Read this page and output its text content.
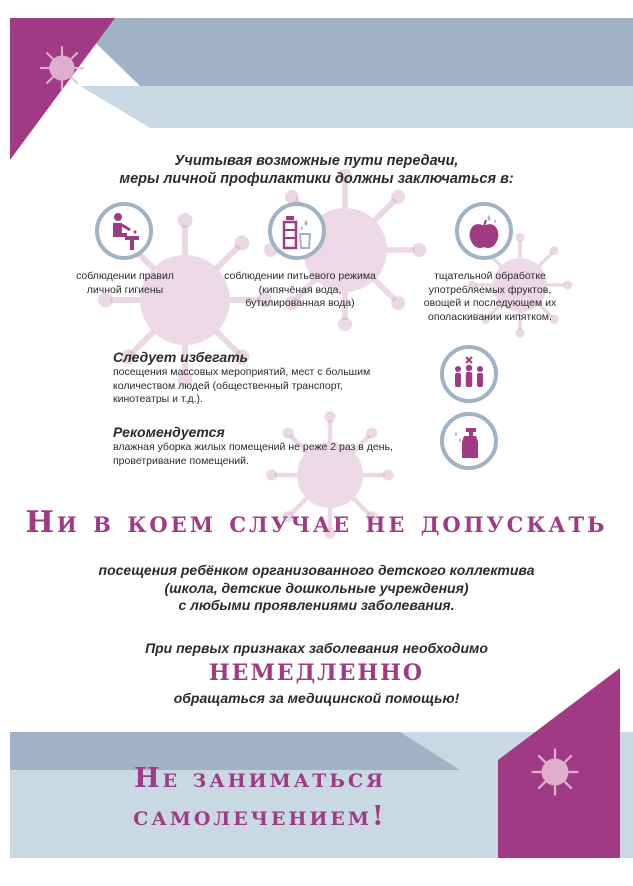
Учитывая возможные пути передачи,
меры личной профилактики должны заключаться в:
соблюдении правил
личной гигиены
соблюдении питьевого режима
(кипячёная вода,
бутилированная вода)
тщательной обработке
употребляемых фруктов,
овощей и последующем их
ополаскивании кипятком.
Следует избегать
посещения массовых мероприятий, мест с большим
количеством людей (общественный транспорт,
кинотеатры и т.д.).
Рекомендуется
влажная уборка жилых помещений не реже 2 раз в день,
проветривание помещений.
Ни в коем случае не допускать
посещения ребёнком организованного детского коллектива
(школа, детские дошкольные учреждения)
с любыми проявлениями заболевания.
При первых признаках заболевания необходимо
НЕМЕДЛЕННО
обращаться за медицинской помощью!
Не заниматься
самолечением!
